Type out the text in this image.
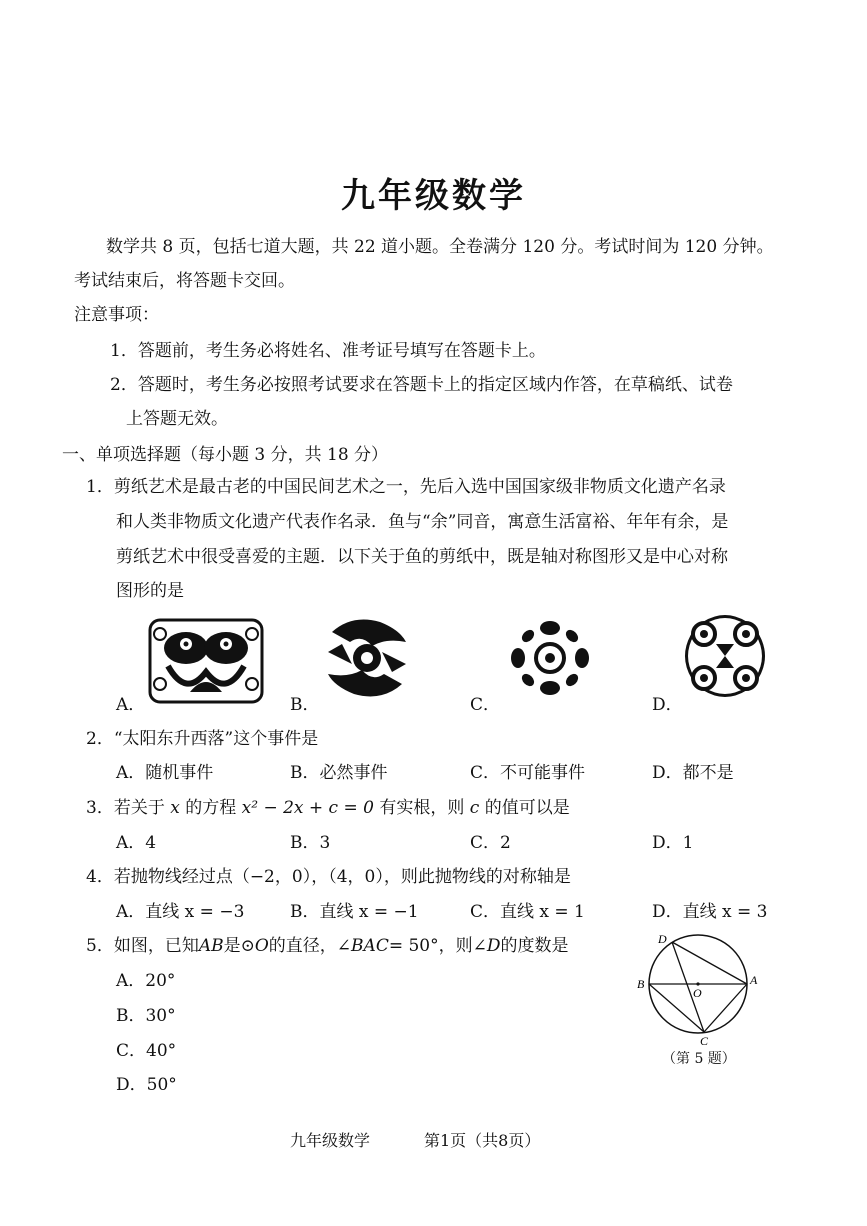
九年级数学
数学共 8 页，包括七道大题，共 22 道小题。全卷满分 120 分。考试时间为 120 分钟。
考试结束后，将答题卡交回。
注意事项：
1．答题前，考生务必将姓名、准考证号填写在答题卡上。
2．答题时，考生务必按照考试要求在答题卡上的指定区域内作答，在草稿纸、试卷
上答题无效。
一、单项选择题（每小题 3 分，共 18 分）
1．剪纸艺术是最古老的中国民间艺术之一，先后入选中国国家级非物质文化遗产名录
和人类非物质文化遗产代表作名录．鱼与“余”同音，寓意生活富裕、年年有余，是
剪纸艺术中很受喜爱的主题．以下关于鱼的剪纸中，既是轴对称图形又是中心对称
图形的是
A．	B．	C．	D．
2．“太阳东升西落”这个事件是
A．随机事件	B．必然事件	C．不可能事件	D．都不是
3．若关于 x 的方程 x² − 2x + c = 0 有实根，则 c 的值可以是
A．4	B．3	C．2	D．1
4．若抛物线经过点（−2，0），（4，0），则此抛物线的对称轴是
A．直线 x = −3	B．直线 x = −1	C．直线 x = 1	D．直线 x = 3
5．如图，已知AB是⊙O的直径，∠BAC= 50°，则∠D的度数是
A．20°
B．30°
C．40°
D．50°
D
A
B
O
C
（第 5 题）
九年级数学	第1页（共8页）
